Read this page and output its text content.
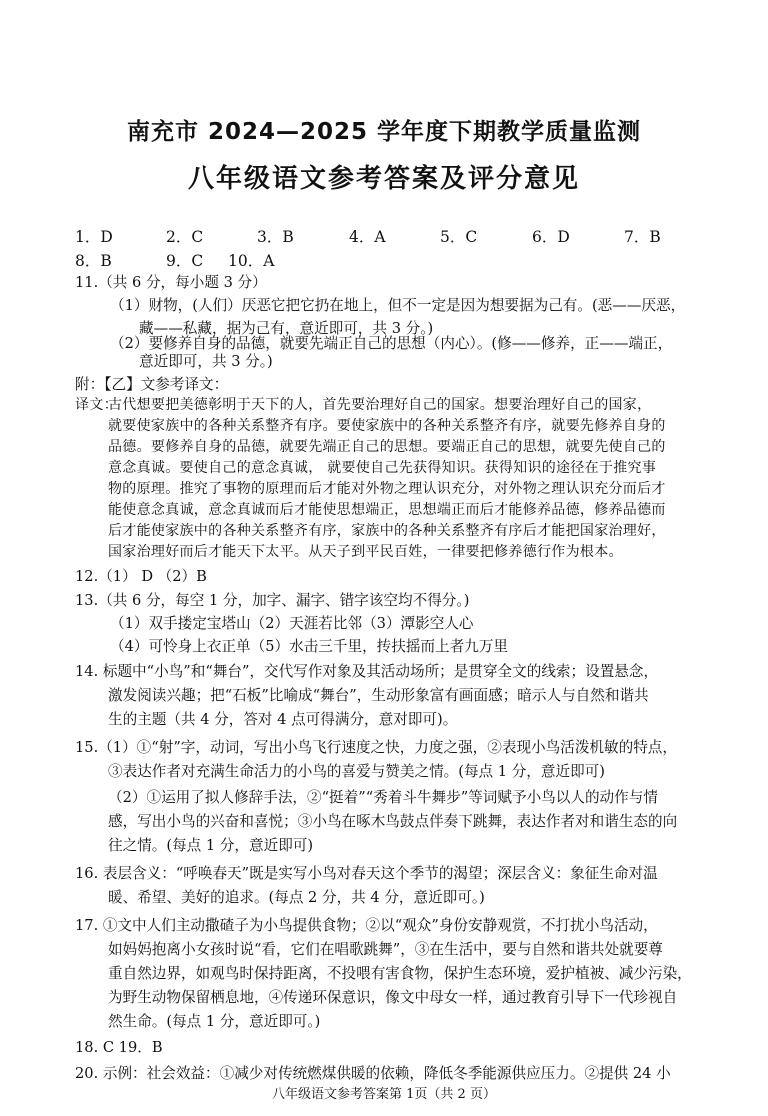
南充市 2024—2025 学年度下期教学质量监测
八年级语文参考答案及评分意见
1．D	2．C	3．B	4．A	5．C	6．D	7．B
8．B	9．C 10．A
11.（共 6 分，每小题 3 分）
（1）财物，(人们）厌恶它把它扔在地上，但不一定是因为想要据为己有。(恶——厌恶，
藏——私藏，据为己有，意近即可，共 3 分。)
（2）要修养自身的品德，就要先端正自己的思想（内心）。(修——修养，正——端正，
意近即可，共 3 分。)
附：【乙】文参考译文：
译文：
古代想要把美德彰明于天下的人，首先要治理好自己的国家。想要治理好自己的国家，
就要使家族中的各种关系整齐有序。要使家族中的各种关系整齐有序，就要先修养自身的
品德。要修养自身的品德，就要先端正自己的思想。要端正自己的思想，就要先使自己的
意念真诚。要使自己的意念真诚， 就要使自己先获得知识。获得知识的途径在于推究事
物的原理。推究了事物的原理而后才能对外物之理认识充分，对外物之理认识充分而后才
能使意念真诚，意念真诚而后才能使思想端正，思想端正而后才能修养品德，修养品德而
后才能使家族中的各种关系整齐有序，家族中的各种关系整齐有序后才能把国家治理好，
国家治理好而后才能天下太平。从天子到平民百姓，一律要把修养德行作为根本。
12.（1） D （2）B
13.（共 6 分，每空 1 分，加字、漏字、错字该空均不得分。)
（1）双手搂定宝塔山（2）天涯若比邻（3）潭影空人心
（4）可怜身上衣正单（5）水击三千里，抟扶摇而上者九万里
14. 标题中“小鸟”和“舞台”，交代写作对象及其活动场所；是贯穿全文的线索；设置悬念，
激发阅读兴趣；把“石板”比喻成“舞台”，生动形象富有画面感；暗示人与自然和谐共
生的主题（共 4 分，答对 4 点可得满分，意对即可)。
15.（1）①“射”字，动词，写出小鸟飞行速度之快，力度之强，②表现小鸟活泼机敏的特点，
③表达作者对充满生命活力的小鸟的喜爱与赞美之情。(每点 1 分，意近即可)
（2）①运用了拟人修辞手法，②“挺着”“秀着斗牛舞步”等词赋予小鸟以人的动作与情
感，写出小鸟的兴奋和喜悦；③小鸟在啄木鸟鼓点伴奏下跳舞，表达作者对和谐生态的向
往之情。(每点 1 分，意近即可)
16. 表层含义：“呼唤春天”既是实写小鸟对春天这个季节的渴望；深层含义：象征生命对温
暖、希望、美好的追求。(每点 2 分，共 4 分，意近即可。)
17. ①文中人们主动撒碴子为小鸟提供食物；②以“观众”身份安静观赏，不打扰小鸟活动，
如妈妈抱离小女孩时说“看，它们在唱歌跳舞”，③在生活中，要与自然和谐共处就要尊
重自然边界，如观鸟时保持距离，不投喂有害食物，保护生态环境，爱护植被、减少污染，
为野生动物保留栖息地，④传递环保意识，像文中母女一样，通过教育引导下一代珍视自
然生命。(每点 1 分，意近即可。)
18. C 19．B
20. 示例：社会效益：①减少对传统燃煤供暖的依赖，降低冬季能源供应压力。②提供 24 小
八年级语文参考答案第 1页（共 2 页）
